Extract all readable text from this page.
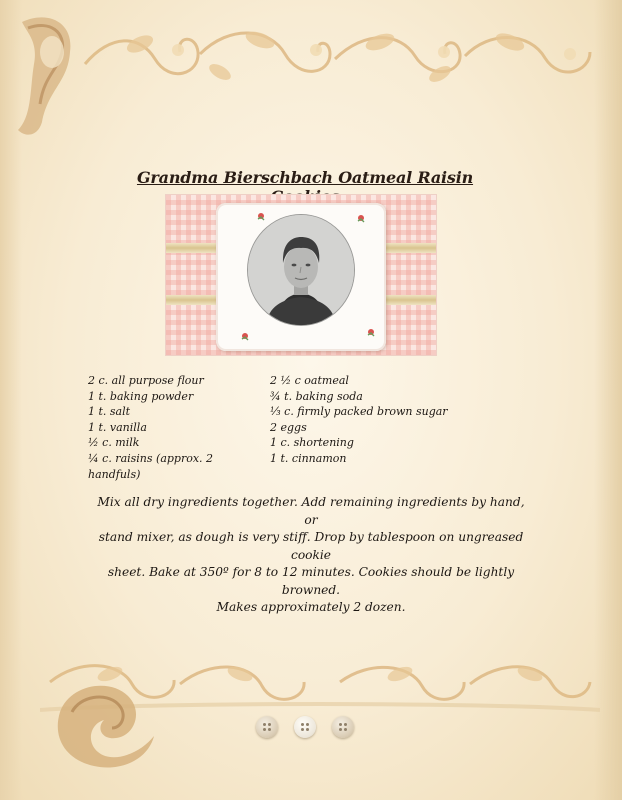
Grandma Bierschbach Oatmeal Raisin
2 c. all purpose flour
1 t. baking powder
1 t. salt
1 t. vanilla
½ c. milk
¼ c. raisins (approx. 2 handfuls)
2 ½ c oatmeal
¾ t. baking soda
⅓ c. firmly packed brown sugar
2 eggs
1 c. shortening
1 t. cinnamon
Mix all dry ingredients together. Add remaining ingredients by hand, or
stand mixer, as dough is very stiff. Drop by tablespoon on ungreased cookie
sheet. Bake at 350º for 8 to 12 minutes. Cookies should be lightly browned.
Makes approximately 2 dozen.
